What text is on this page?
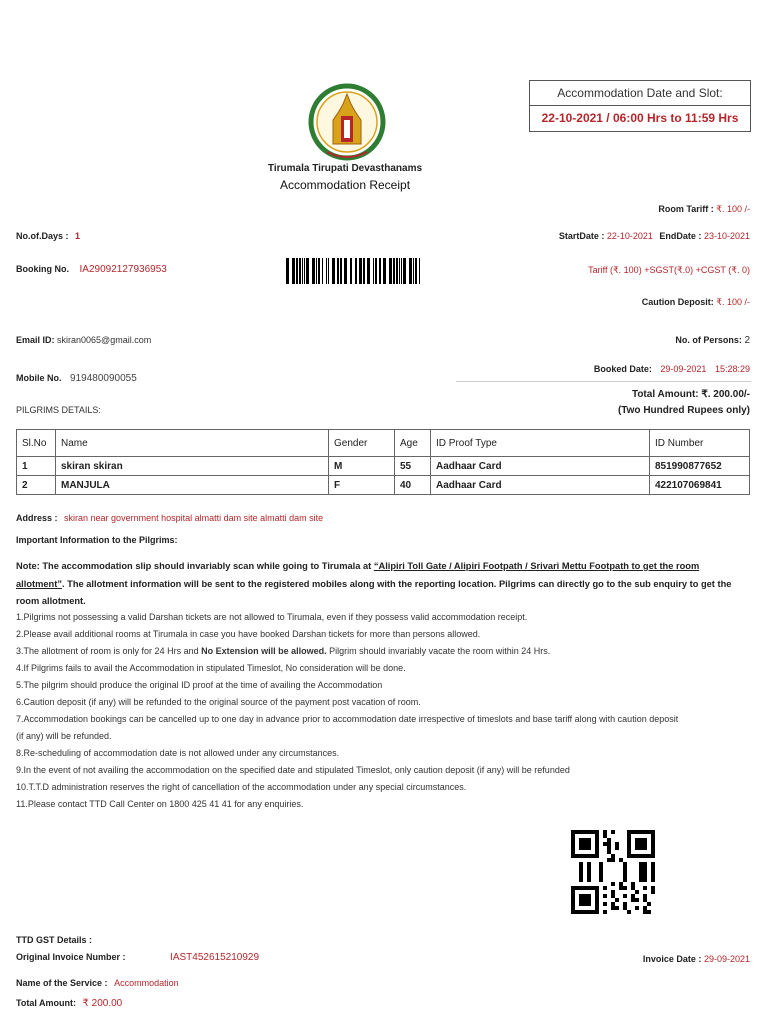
Tirumala Tirupati Devasthanams
Accommodation Receipt
Accommodation Date and Slot:
22-10-2021 / 06:00 Hrs to 11:59 Hrs
Room Tariff : ₹. 100 /-
No.of.Days : 1	StartDate : 22-10-2021 EndDate : 23-10-2021
Booking No. IA29092127936953	Tariff (₹. 100) +SGST(₹.0) +CGST (₹. 0)
Caution Deposit: ₹. 100 /-
Email ID: skiran0065@gmail.com	No. of Persons: 2
Booked Date: 29-09-2021 15:28:29
Mobile No. 919480090055
Total Amount: ₹. 200.00/-
(Two Hundred Rupees only)
PILGRIMS DETAILS:
Sl.No	Name	Gender	Age	ID Proof Type	ID Number
1	skiran skiran	M	55	Aadhaar Card	851990877652
2	MANJULA	F	40	Aadhaar Card	422107069841
Address : skiran near government hospital almatti dam site almatti dam site
Important Information to the Pilgrims:
Note: The accommodation slip should invariably scan while going to Tirumala at “Alipiri Toll Gate / Alipiri Footpath / Srivari Mettu Footpath to get the room allotment”. The allotment information will be sent to the registered mobiles along with the reporting location. Pilgrims can directly go to the sub enquiry to get the room allotment.
1.Pilgrims not possessing a valid Darshan tickets are not allowed to Tirumala, even if they possess valid accommodation receipt.
2.Please avail additional rooms at Tirumala in case you have booked Darshan tickets for more than persons allowed.
3.The allotment of room is only for 24 Hrs and No Extension will be allowed. Pilgrim should invariably vacate the room within 24 Hrs.
4.If Pilgrims fails to avail the Accommodation in stipulated Timeslot, No consideration will be done.
5.The pilgrim should produce the original ID proof at the time of availing the Accommodation
6.Caution deposit (if any) will be refunded to the original source of the payment post vacation of room.
7.Accommodation bookings can be cancelled up to one day in advance prior to accommodation date irrespective of timeslots and base tariff along with caution deposit
(if any) will be refunded.
8.Re-scheduling of accommodation date is not allowed under any circumstances.
9.In the event of not availing the accommodation on the specified date and stipulated Timeslot, only caution deposit (if any) will be refunded
10.T.T.D administration reserves the right of cancellation of the accommodation under any special circumstances.
11.Please contact TTD Call Center on 1800 425 41 41 for any enquiries.
TTD GST Details :
Original Invoice Number :	IAST452615210929	Invoice Date : 29-09-2021
Name of the Service : Accommodation
Total Amount: ₹ 200.00
